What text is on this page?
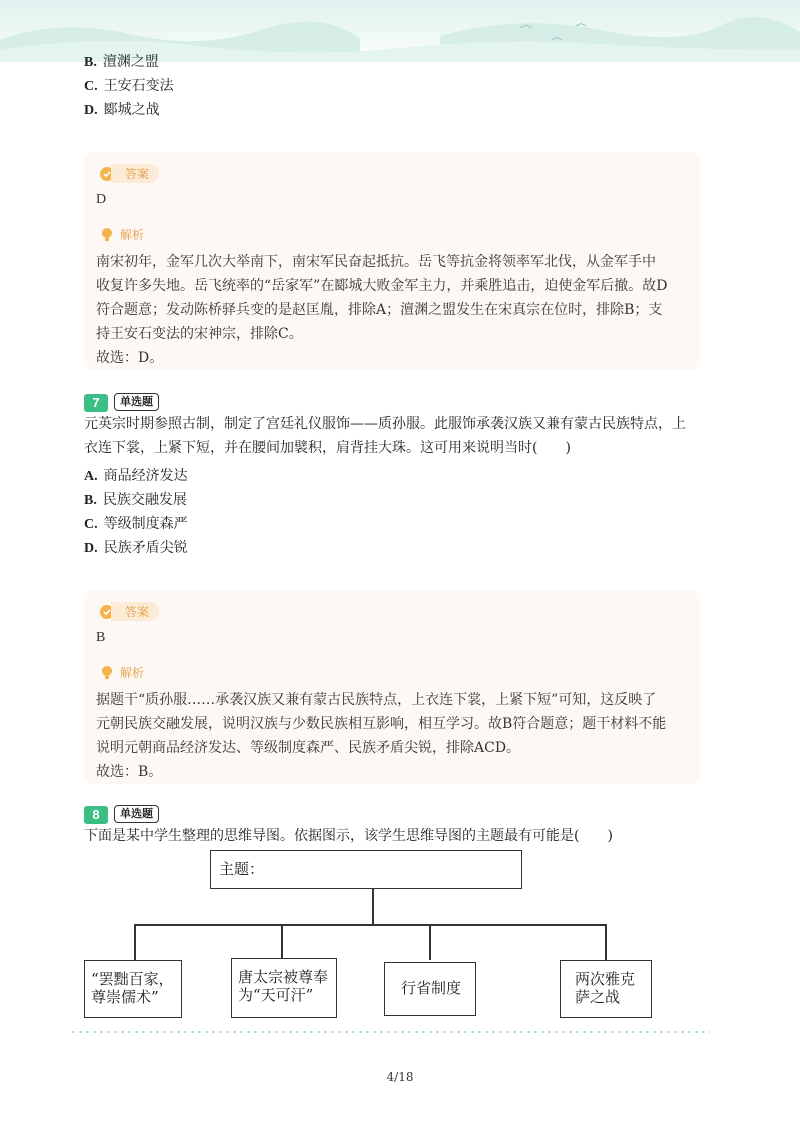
B. 澶渊之盟
C. 王安石变法
D. 郾城之战
答案
D
解析
南宋初年，金军几次大举南下，南宋军民奋起抵抗。岳飞等抗金将领率军北伐，从金军手中
收复许多失地。岳飞统率的“岳家军”在郾城大败金军主力，并乘胜追击，迫使金军后撤。故D
符合题意；发动陈桥驿兵变的是赵匡胤，排除A；澶渊之盟发生在宋真宗在位时，排除B；支
持王安石变法的宋神宗，排除C。
故选：D。
7	单选题
元英宗时期参照古制，制定了宫廷礼仪服饰——质孙服。此服饰承袭汉族又兼有蒙古民族特点，上
衣连下裳，上紧下短，并在腰间加襞积，肩背挂大珠。这可用来说明当时(　　)
A. 商品经济发达
B. 民族交融发展
C. 等级制度森严
D. 民族矛盾尖锐
答案
B
解析
据题干“质孙服……承袭汉族又兼有蒙古民族特点，上衣连下裳，上紧下短”可知，这反映了
元朝民族交融发展，说明汉族与少数民族相互影响，相互学习。故B符合题意；题干材料不能
说明元朝商品经济发达、等级制度森严、民族矛盾尖锐，排除ACD。
故选：B。
8	单选题
下面是某中学生整理的思维导图。依据图示，该学生思维导图的主题最有可能是(　　)
主题：
“罢黜百家，
尊崇儒术”
唐太宗被尊奉
为“天可汗”	行省制度	两次雅克
萨之战
4/18
